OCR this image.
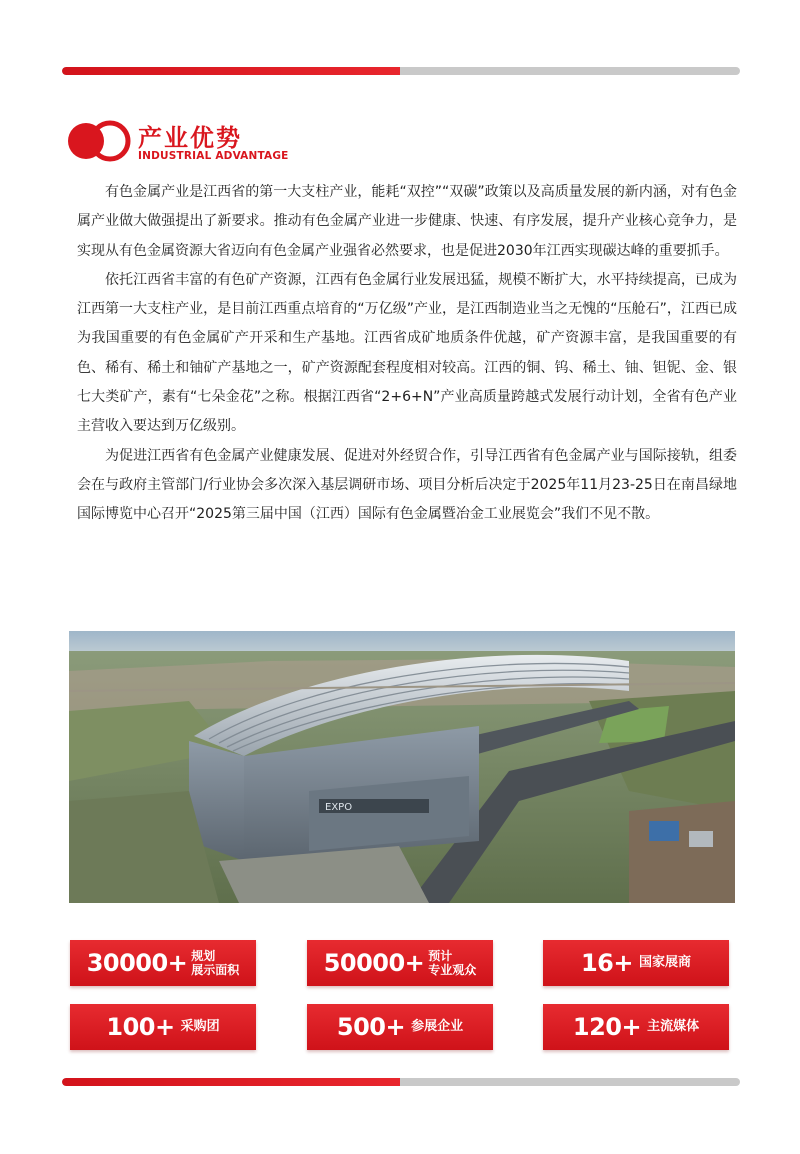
产业优势
INDUSTRIAL ADVANTAGE

有色金属产业是江西省的第一大支柱产业，能耗“双控”“双碳”政策以及高质量发展的新内涵，对有色金属产业做大做强提出了新要求。推动有色金属产业进一步健康、快速、有序发展，提升产业核心竞争力，是实现从有色金属资源大省迈向有色金属产业强省必然要求，也是促进2030年江西实现碳达峰的重要抓手。

依托江西省丰富的有色矿产资源，江西有色金属行业发展迅猛，规模不断扩大，水平持续提高，已成为江西第一大支柱产业，是目前江西重点培育的“万亿级”产业，是江西制造业当之无愧的“压舱石”，江西已成为我国重要的有色金属矿产开采和生产基地。江西省成矿地质条件优越，矿产资源丰富，是我国重要的有色、稀有、稀土和铀矿产基地之一，矿产资源配套程度相对较高。江西的铜、钨、稀土、铀、钽铌、金、银七大类矿产，素有“七朵金花”之称。根据江西省“2+6+N”产业高质量跨越式发展行动计划，全省有色产业主营收入要达到万亿级别。

为促进江西省有色金属产业健康发展、促进对外经贸合作，引导江西省有色金属产业与国际接轨，组委会在与政府主管部门/行业协会多次深入基层调研市场、项目分析后决定于2025年11月23-25日在南昌绿地国际博览中心召开“2025第三届中国（江西）国际有色金属暨冶金工业展览会”我们不见不散。

EXPO
30000+ 规划
展示面积	50000+ 预计
专业观众	16+ 国家展商
100+ 采购团	500+ 参展企业	120+ 主流媒体
